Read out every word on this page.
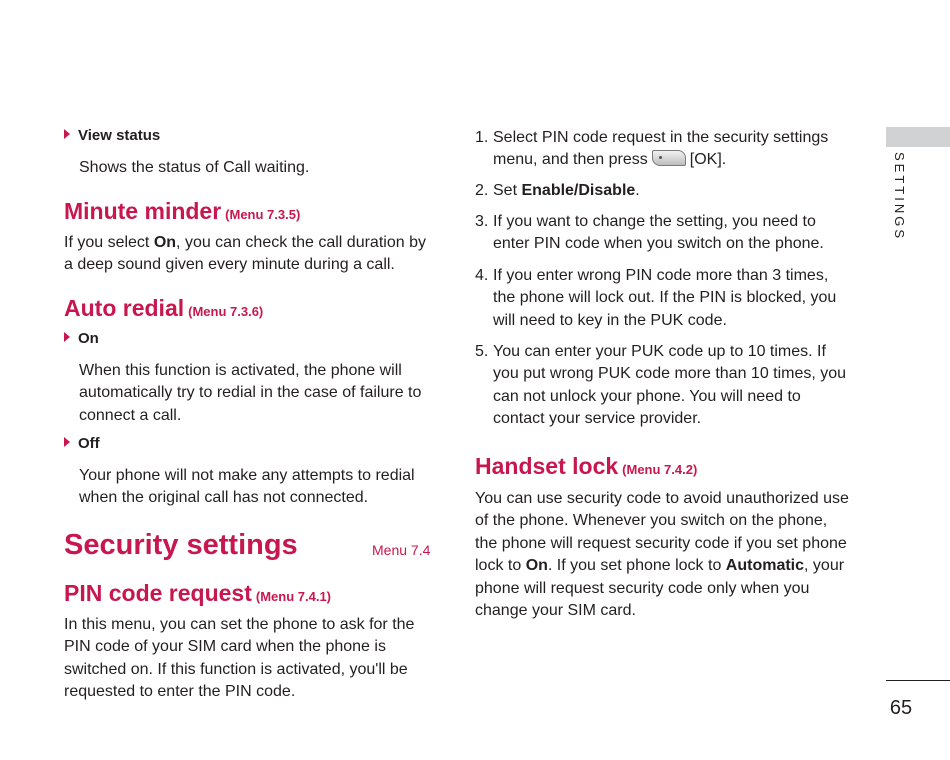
View status

Shows the status of Call waiting.

Minute minder (Menu 7.3.5)

If you select On, you can check the call duration by a deep sound given every minute during a call.

Auto redial (Menu 7.3.6)

On

When this function is activated, the phone will automatically try to redial in the case of failure to connect a call.

Off

Your phone will not make any attempts to redial when the original call has not connected.

Security settings	Menu 7.4
PIN code request (Menu 7.4.1)

In this menu, you can set the phone to ask for the PIN code of your SIM card when the phone is switched on. If this function is activated, you'll be requested to enter the PIN code.

1. Select PIN code request in the security settings menu, and then press	[OK].
2. Set Enable/Disable.
3. If you want to change the setting, you need to enter PIN code when you switch on the phone.
4. If you enter wrong PIN code more than 3 times, the phone will lock out. If the PIN is blocked, you will need to key in the PUK code.
5. You can enter your PUK code up to 10 times. If you put wrong PUK code more than 10 times, you can not unlock your phone. You will need to contact your service provider.
Handset lock (Menu 7.4.2)

You can use security code to avoid unauthorized use of the phone. Whenever you switch on the phone, the phone will request security code if you set phone lock to On. If you set phone lock to Automatic, your phone will request security code only when you change your SIM card.

SETTINGS
65
